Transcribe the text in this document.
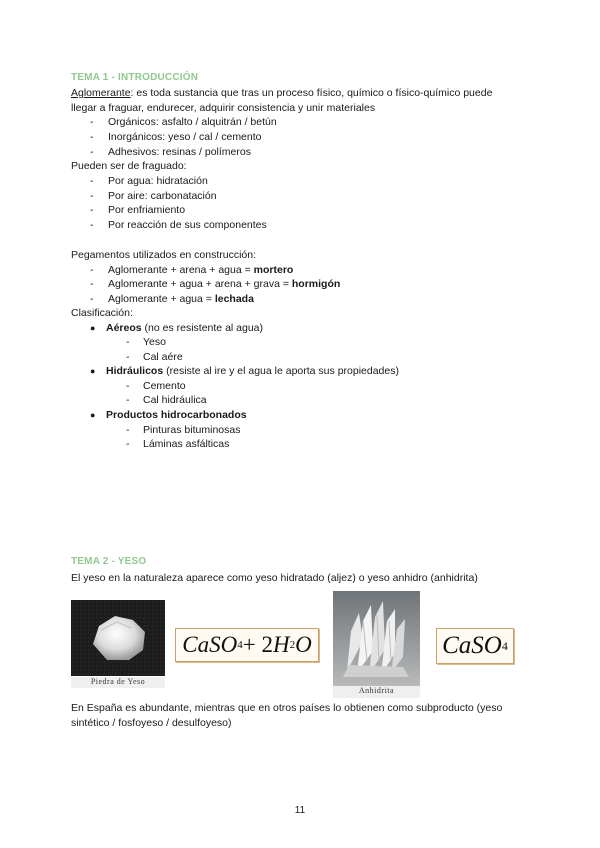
TEMA 1 - INTRODUCCIÓN
Aglomerante: es toda sustancia que tras un proceso físico, químico o físico-químico puede
llegar a fraguar, endurecer, adquirir consistencia y unir materiales
- Orgánicos: asfalto / alquitrán / betún
- Inorgánicos: yeso / cal / cemento
- Adhesivos: resinas / polímeros
Pueden ser de fraguado:
- Por agua: hidratación
- Por aire: carbonatación
- Por enfriamiento
- Por reacción de sus componentes
Pegamentos utilizados en construcción:
- Aglomerante + arena + agua = mortero
- Aglomerante + agua + arena + grava = hormigón
- Aglomerante + agua = lechada
Clasificación:
● Aéreos (no es resistente al agua)
- Yeso
- Cal aére
● Hidráulicos (resiste al ire y el agua le aporta sus propiedades)
- Cemento
- Cal hidráulica
● Productos hidrocarbonados
- Pinturas bituminosas
- Láminas asfálticas
TEMA 2 - YESO
El yeso en la naturaleza aparece como yeso hidratado (aljez) o yeso anhidro (anhidrita)
Piedra de Yeso
CaSO 4 + 2 H 2 O
Anhidrita
CaSO 4
En España es abundante, mientras que en otros países lo obtienen como subproducto (yeso
sintético / fosfoyeso / desulfoyeso)
11
